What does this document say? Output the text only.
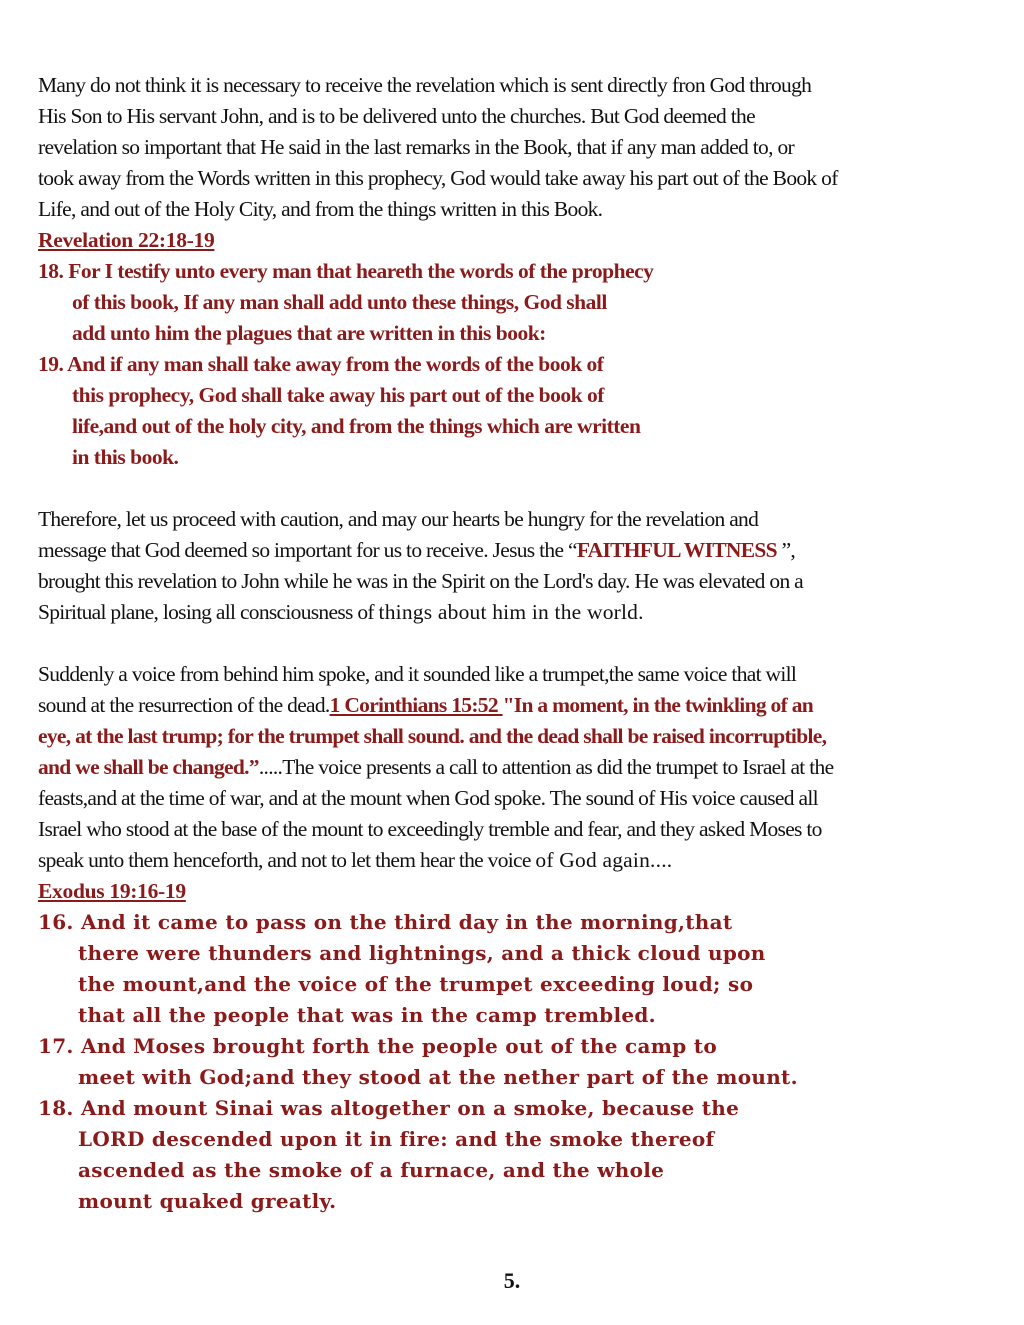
Many do not think it is necessary to receive the revelation which is sent directly fron God through
His Son to His servant John, and is to be delivered unto the churches. But God deemed the
revelation so important that He said in the last remarks in the Book, that if any man added to, or
took away from the Words written in this prophecy, God would take away his part out of the Book of
Life, and out of the Holy City, and from the things written in this Book.
Revelation 22:18-19
18. For I testify unto every man that heareth the words of the prophecy
of this book, If any man shall add unto these things, God shall
add unto him the plagues that are written in this book:
19. And if any man shall take away from the words of the book of
this prophecy, God shall take away his part out of the book of
life,and out of the holy city, and from the things which are written
in this book.
Therefore, let us proceed with caution, and may our hearts be hungry for the revelation and
message that God deemed so important for us to receive. Jesus the “FAITHFUL WITNESS ”,
brought this revelation to John while he was in the Spirit on the Lord's day. He was elevated on a
Spiritual plane, losing all consciousness of things about him in the world.
Suddenly a voice from behind him spoke, and it sounded like a trumpet,the same voice that will
sound at the resurrection of the dead.1 Corinthians 15:52 "In a moment, in the twinkling of an
eye, at the last trump; for the trumpet shall sound. and the dead shall be raised incorruptible,
and we shall be changed.”.....The voice presents a call to attention as did the trumpet to Israel at the
feasts,and at the time of war, and at the mount when God spoke. The sound of His voice caused all
Israel who stood at the base of the mount to exceedingly tremble and fear, and they asked Moses to
speak unto them henceforth, and not to let them hear the voice of God again....
Exodus 19:16-19
16. And it came to pass on the third day in the morning,that
there were thunders and lightnings, and a thick cloud upon
the mount,and the voice of the trumpet exceeding loud; so
that all the people that was in the camp trembled.
17. And Moses brought forth the people out of the camp to
meet with God;and they stood at the nether part of the mount.
18. And mount Sinai was altogether on a smoke, because the
LORD descended upon it in fire: and the smoke thereof
ascended as the smoke of a furnace, and the whole
mount quaked greatly.
5.
